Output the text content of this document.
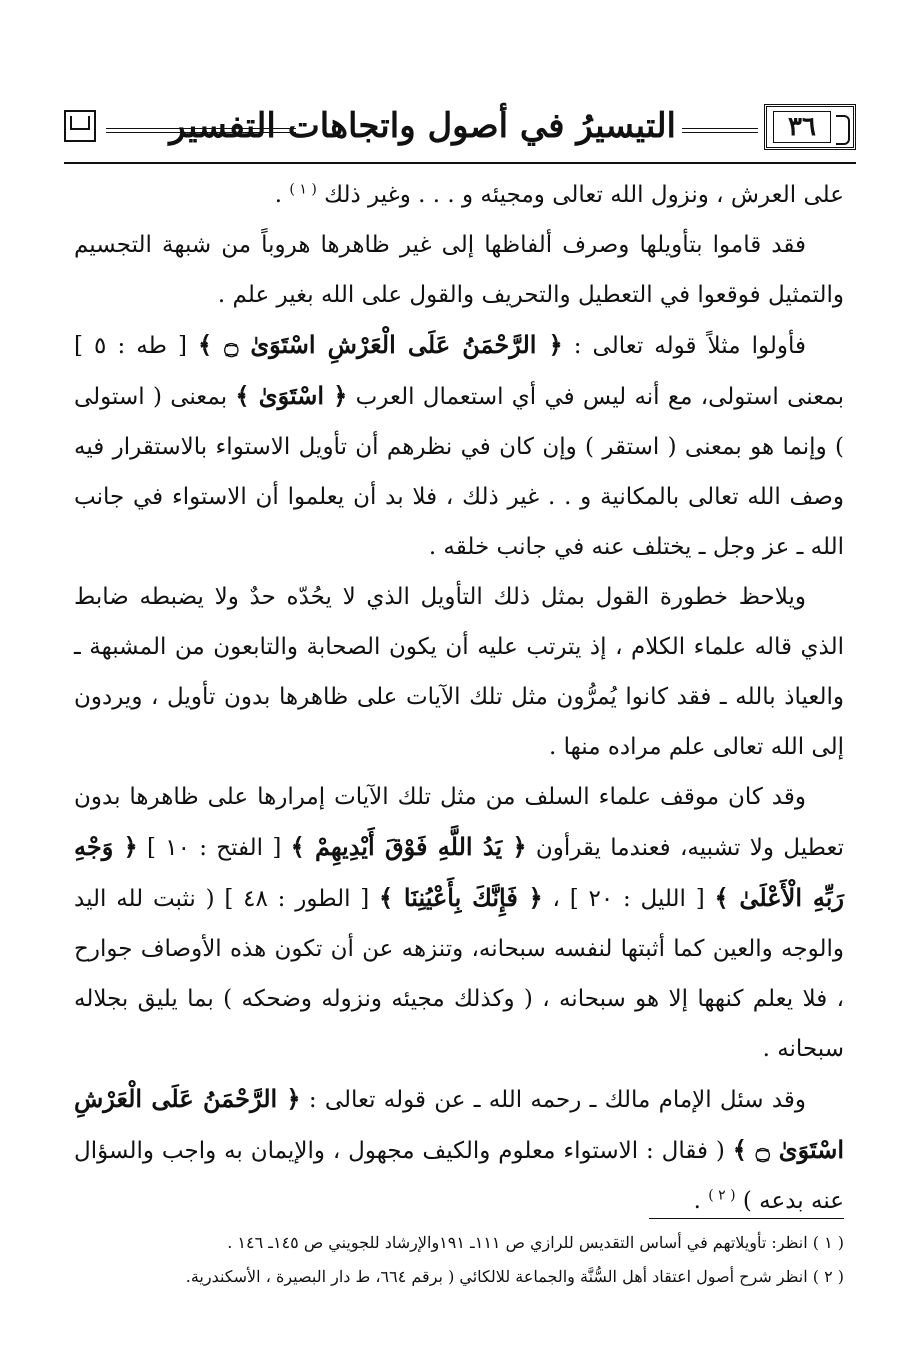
٣٦
التيسيرُ في أصول واتجاهات التفسير

على العرش ، ونزول الله تعالى ومجيئه و . . . وغير ذلك $^{( ١ )}$ .

فقد قاموا بتأويلها وصرف ألفاظها إلى غير ظاهرها هروباً من شبهة التجسيم والتمثيل فوقعوا في التعطيل والتحريف والقول على الله بغير علم .

فأولوا مثلاً قوله تعالى : ﴿ الرَّحْمَنُ عَلَى الْعَرْشِ اسْتَوَىٰ ۝ ﴾ [ طه : ٥ ] بمعنى استولى، مع أنه ليس في أي استعمال العرب ﴿ اسْتَوَىٰ ﴾ بمعنى ( استولى ) وإنما هو بمعنى ( استقر ) وإن كان في نظرهم أن تأويل الاستواء بالاستقرار فيه وصف الله تعالى بالمكانية و . . غير ذلك ، فلا بد أن يعلموا أن الاستواء في جانب الله ـ عز وجل ـ يختلف عنه في جانب خلقه .

ويلاحظ خطورة القول بمثل ذلك التأويل الذي لا يحُدّه حدٌ ولا يضبطه ضابط الذي قاله علماء الكلام ، إذ يترتب عليه أن يكون الصحابة والتابعون من المشبهة ـ والعياذ بالله ـ فقد كانوا يُمرُّون مثل تلك الآيات على ظاهرها بدون تأويل ، ويردون إلى الله تعالى علم مراده منها .

وقد كان موقف علماء السلف من مثل تلك الآيات إمرارها على ظاهرها بدون تعطيل ولا تشبيه، فعندما يقرأون ﴿ يَدُ اللَّهِ فَوْقَ أَيْدِيهِمْ ﴾ [ الفتح : ١٠ ] ﴿ وَجْهِ رَبِّهِ الْأَعْلَىٰ ﴾ [ الليل : ٢٠ ] ، ﴿ فَإِنَّكَ بِأَعْيُنِنَا ﴾ [ الطور : ٤٨ ] ( نثبت لله اليد والوجه والعين كما أثبتها لنفسه سبحانه، وتنزهه عن أن تكون هذه الأوصاف جوارح ، فلا يعلم كنهها إلا هو سبحانه ، ( وكذلك مجيئه ونزوله وضحكه ) بما يليق بجلاله سبحانه .

وقد سئل الإمام مالك ـ رحمه الله ـ عن قوله تعالى : ﴿ الرَّحْمَنُ عَلَى الْعَرْشِ اسْتَوَىٰ ۝ ﴾ ( فقال : الاستواء معلوم والكيف مجهول ، والإيمان به واجب والسؤال عنه بدعه ) $^{( ٢ )}$ .

( ١ ) انظر: تأويلاتهم في أساس التقديس للرازي ص ١١١ـ ١٩١والإرشاد للجويني ص ١٤٥ـ ١٤٦ .

( ٢ ) انظر شرح أصول اعتقاد أهل السُّنَّة والجماعة للالكائي ( برقم ٦٦٤، ط دار البصيرة ، الأسكندرية.
